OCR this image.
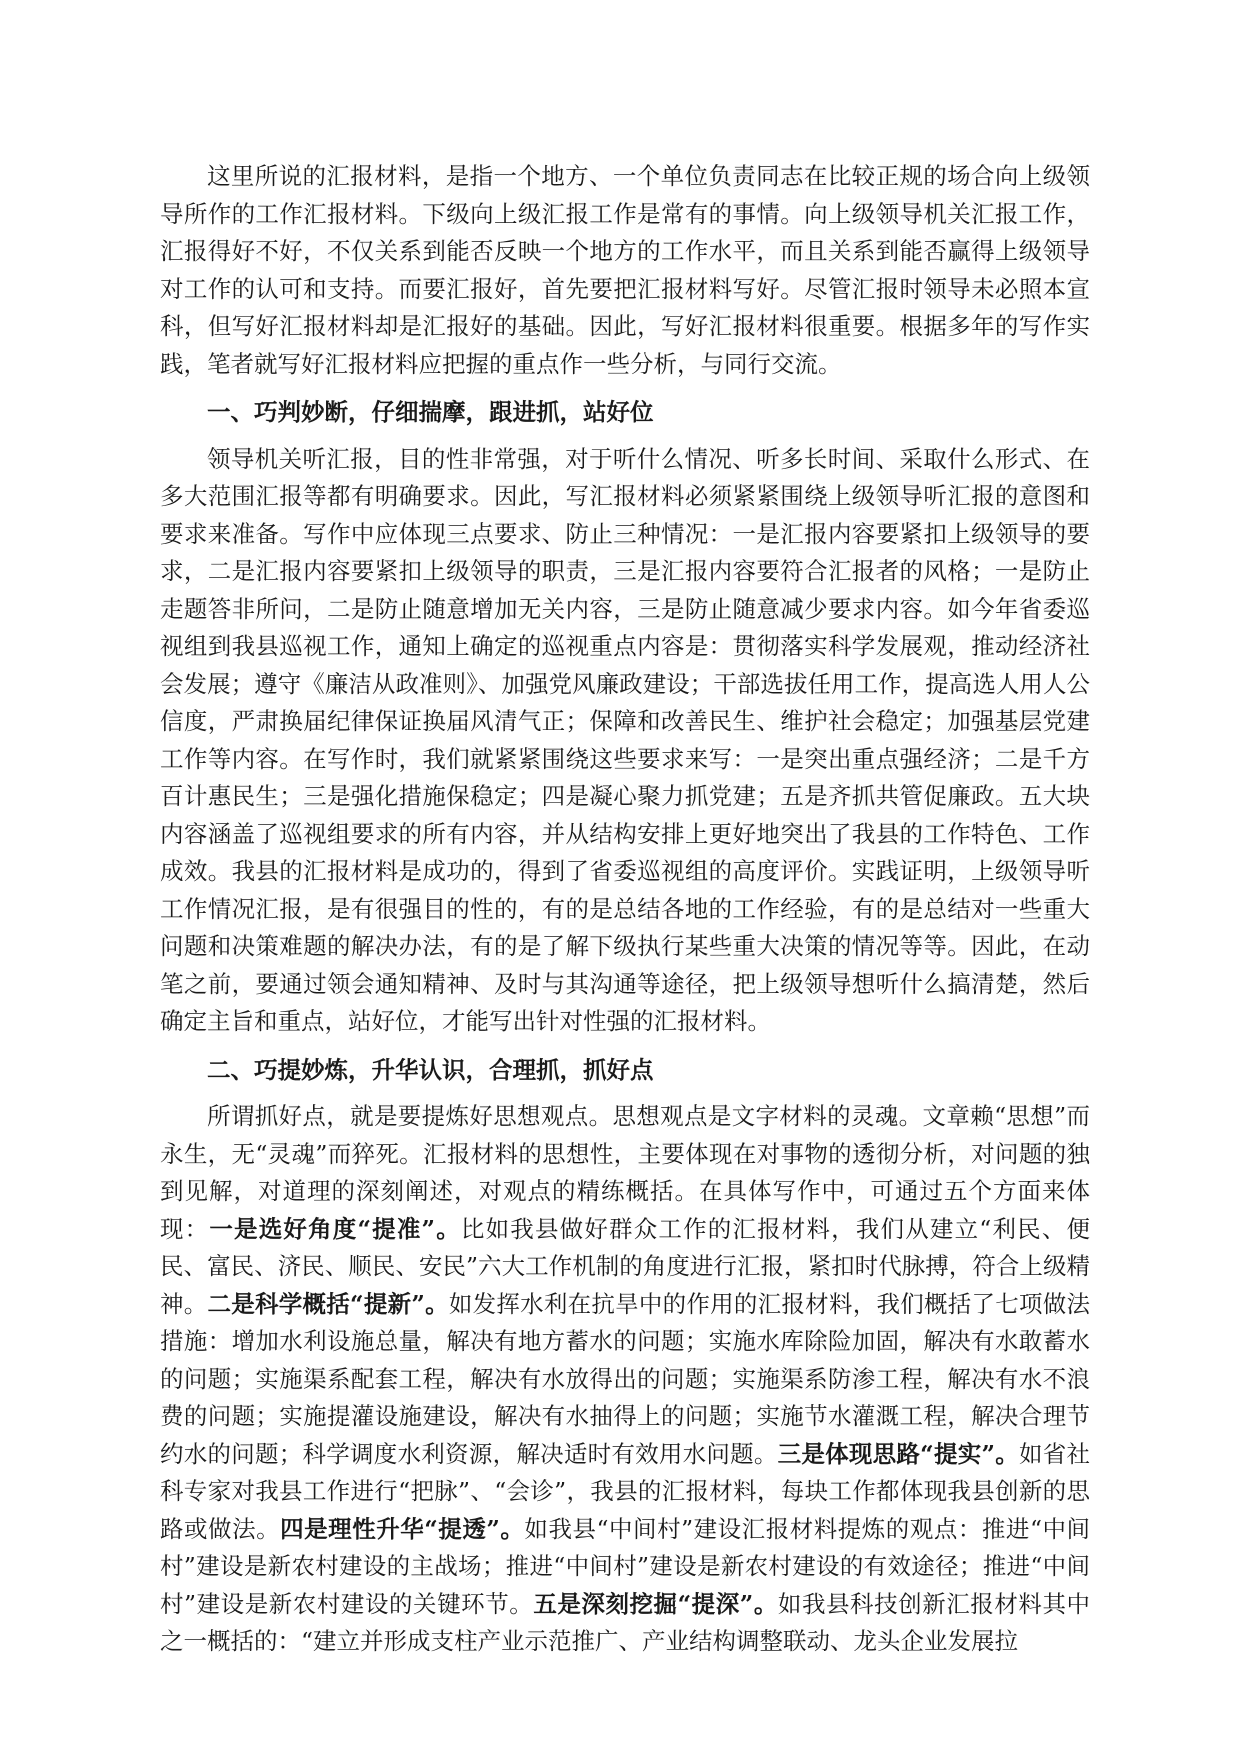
这里所说的汇报材料，是指一个地方、一个单位负责同志在比较正规的场合向上级领导所作的工作汇报材料。下级向上级汇报工作是常有的事情。向上级领导机关汇报工作，汇报得好不好，不仅关系到能否反映一个地方的工作水平，而且关系到能否赢得上级领导对工作的认可和支持。而要汇报好，首先要把汇报材料写好。尽管汇报时领导未必照本宣科，但写好汇报材料却是汇报好的基础。因此，写好汇报材料很重要。根据多年的写作实践，笔者就写好汇报材料应把握的重点作一些分析，与同行交流。

一、巧判妙断，仔细揣摩，跟进抓，站好位

领导机关听汇报，目的性非常强，对于听什么情况、听多长时间、采取什么形式、在多大范围汇报等都有明确要求。因此，写汇报材料必须紧紧围绕上级领导听汇报的意图和要求来准备。写作中应体现三点要求、防止三种情况：一是汇报内容要紧扣上级领导的要求，二是汇报内容要紧扣上级领导的职责，三是汇报内容要符合汇报者的风格；一是防止走题答非所问，二是防止随意增加无关内容，三是防止随意减少要求内容。如今年省委巡视组到我县巡视工作，通知上确定的巡视重点内容是：贯彻落实科学发展观，推动经济社会发展；遵守《廉洁从政准则》、加强党风廉政建设；干部选拔任用工作，提高选人用人公信度，严肃换届纪律保证换届风清气正；保障和改善民生、维护社会稳定；加强基层党建工作等内容。在写作时，我们就紧紧围绕这些要求来写：一是突出重点强经济；二是千方百计惠民生；三是强化措施保稳定；四是凝心聚力抓党建；五是齐抓共管促廉政。五大块内容涵盖了巡视组要求的所有内容，并从结构安排上更好地突出了我县的工作特色、工作成效。我县的汇报材料是成功的，得到了省委巡视组的高度评价。实践证明，上级领导听工作情况汇报，是有很强目的性的，有的是总结各地的工作经验，有的是总结对一些重大问题和决策难题的解决办法，有的是了解下级执行某些重大决策的情况等等。因此，在动笔之前，要通过领会通知精神、及时与其沟通等途径，把上级领导想听什么搞清楚，然后确定主旨和重点，站好位，才能写出针对性强的汇报材料。

二、巧提妙炼，升华认识，合理抓，抓好点

所谓抓好点，就是要提炼好思想观点。思想观点是文字材料的灵魂。文章赖“思想”而永生，无“灵魂”而猝死。汇报材料的思想性，主要体现在对事物的透彻分析，对问题的独到见解，对道理的深刻阐述，对观点的精练概括。在具体写作中，可通过五个方面来体现：一是选好角度“提准”。比如我县做好群众工作的汇报材料，我们从建立“利民、便民、富民、济民、顺民、安民”六大工作机制的角度进行汇报，紧扣时代脉搏，符合上级精神。二是科学概括“提新”。如发挥水利在抗旱中的作用的汇报材料，我们概括了七项做法措施：增加水利设施总量，解决有地方蓄水的问题；实施水库除险加固，解决有水敢蓄水的问题；实施渠系配套工程，解决有水放得出的问题；实施渠系防渗工程，解决有水不浪费的问题；实施提灌设施建设，解决有水抽得上的问题；实施节水灌溉工程，解决合理节约水的问题；科学调度水利资源，解决适时有效用水问题。三是体现思路“提实”。如省社科专家对我县工作进行“把脉”、“会诊”，我县的汇报材料，每块工作都体现我县创新的思路或做法。四是理性升华“提透”。如我县“中间村”建设汇报材料提炼的观点：推进“中间村”建设是新农村建设的主战场；推进“中间村”建设是新农村建设的有效途径；推进“中间村”建设是新农村建设的关键环节。五是深刻挖掘“提深”。如我县科技创新汇报材料其中之一概括的：“建立并形成支柱产业示范推广、产业结构调整联动、龙头企业发展拉
